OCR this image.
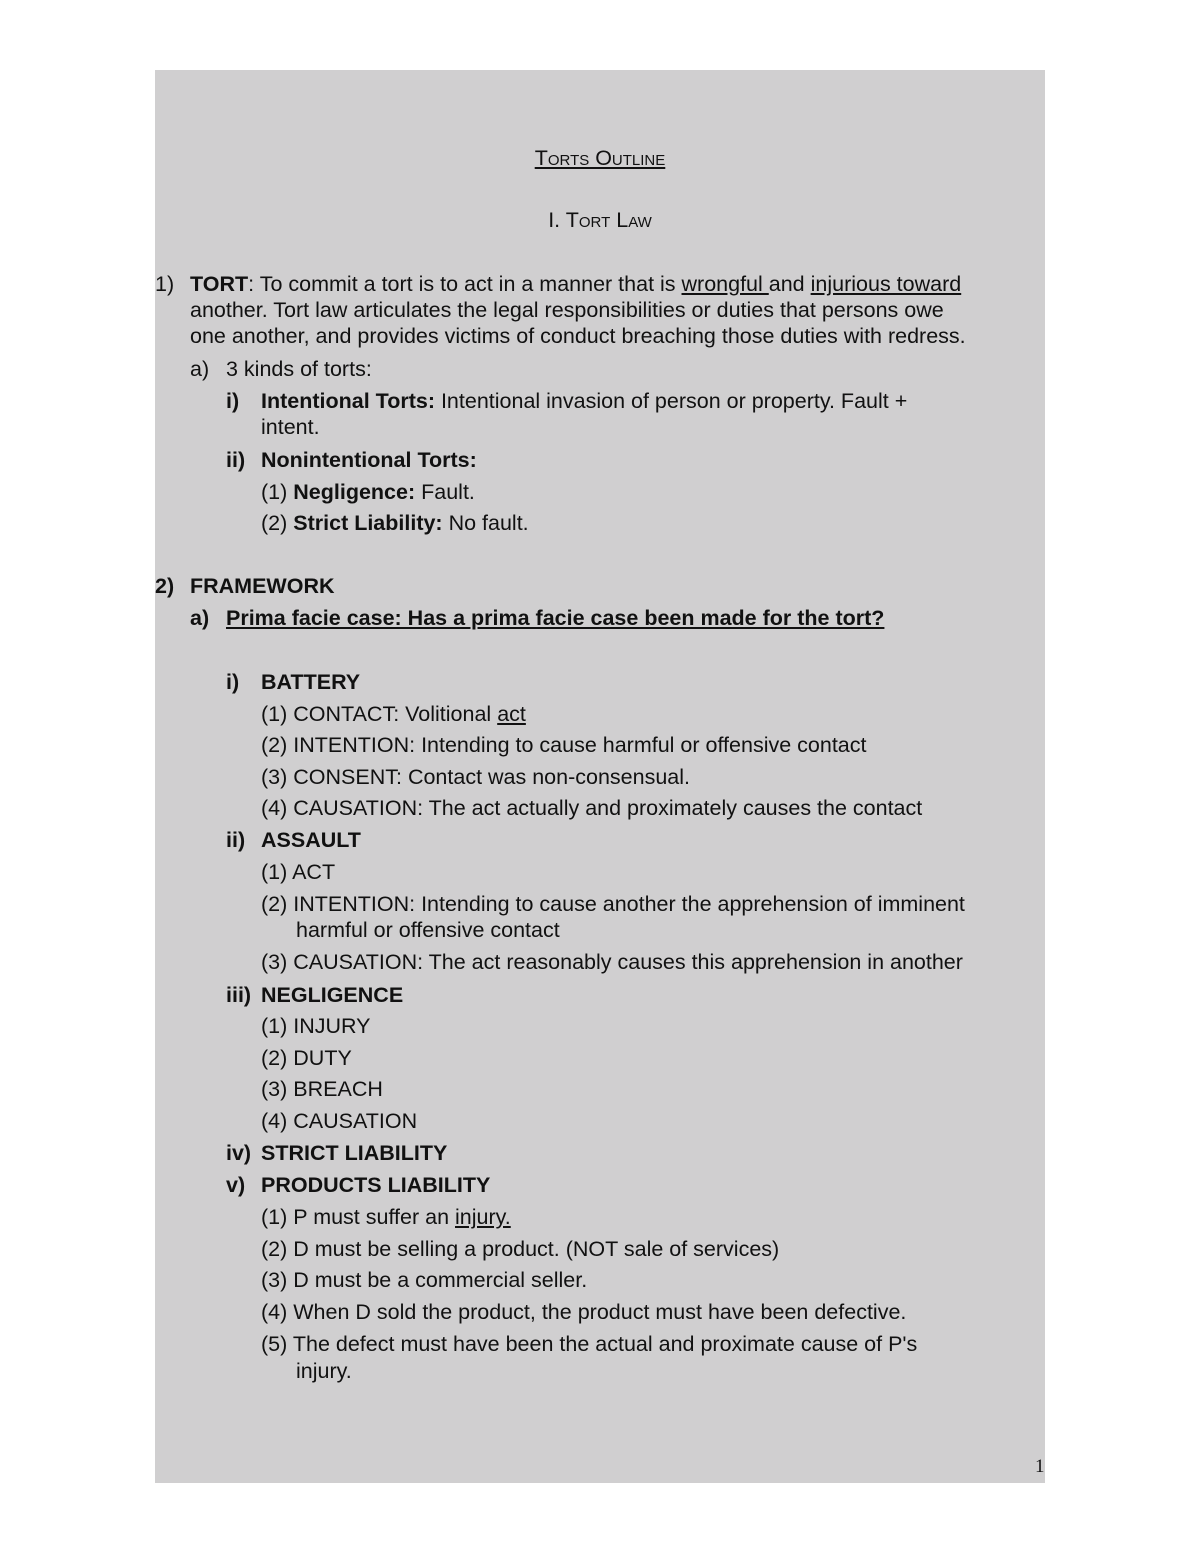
Torts Outline
I. Tort Law
1) TORT: To commit a tort is to act in a manner that is wrongful and injurious toward
another. Tort law articulates the legal responsibilities or duties that persons owe
one another, and provides victims of conduct breaching those duties with redress.
a) 3 kinds of torts:
i) Intentional Torts: Intentional invasion of person or property. Fault +
intent.
ii) Nonintentional Torts:
(1) Negligence: Fault.
(2) Strict Liability: No fault.
2) FRAMEWORK
a) Prima facie case: Has a prima facie case been made for the tort?
i) BATTERY
(1) CONTACT: Volitional act
(2) INTENTION: Intending to cause harmful or offensive contact
(3) CONSENT: Contact was non-consensual.
(4) CAUSATION: The act actually and proximately causes the contact
ii) ASSAULT
(1) ACT
(2) INTENTION: Intending to cause another the apprehension of imminent
harmful or offensive contact
(3) CAUSATION: The act reasonably causes this apprehension in another
iii) NEGLIGENCE
(1) INJURY
(2) DUTY
(3) BREACH
(4) CAUSATION
iv) STRICT LIABILITY
v) PRODUCTS LIABILITY
(1) P must suffer an injury.
(2) D must be selling a product. (NOT sale of services)
(3) D must be a commercial seller.
(4) When D sold the product, the product must have been defective.
(5) The defect must have been the actual and proximate cause of P's
injury.
1
